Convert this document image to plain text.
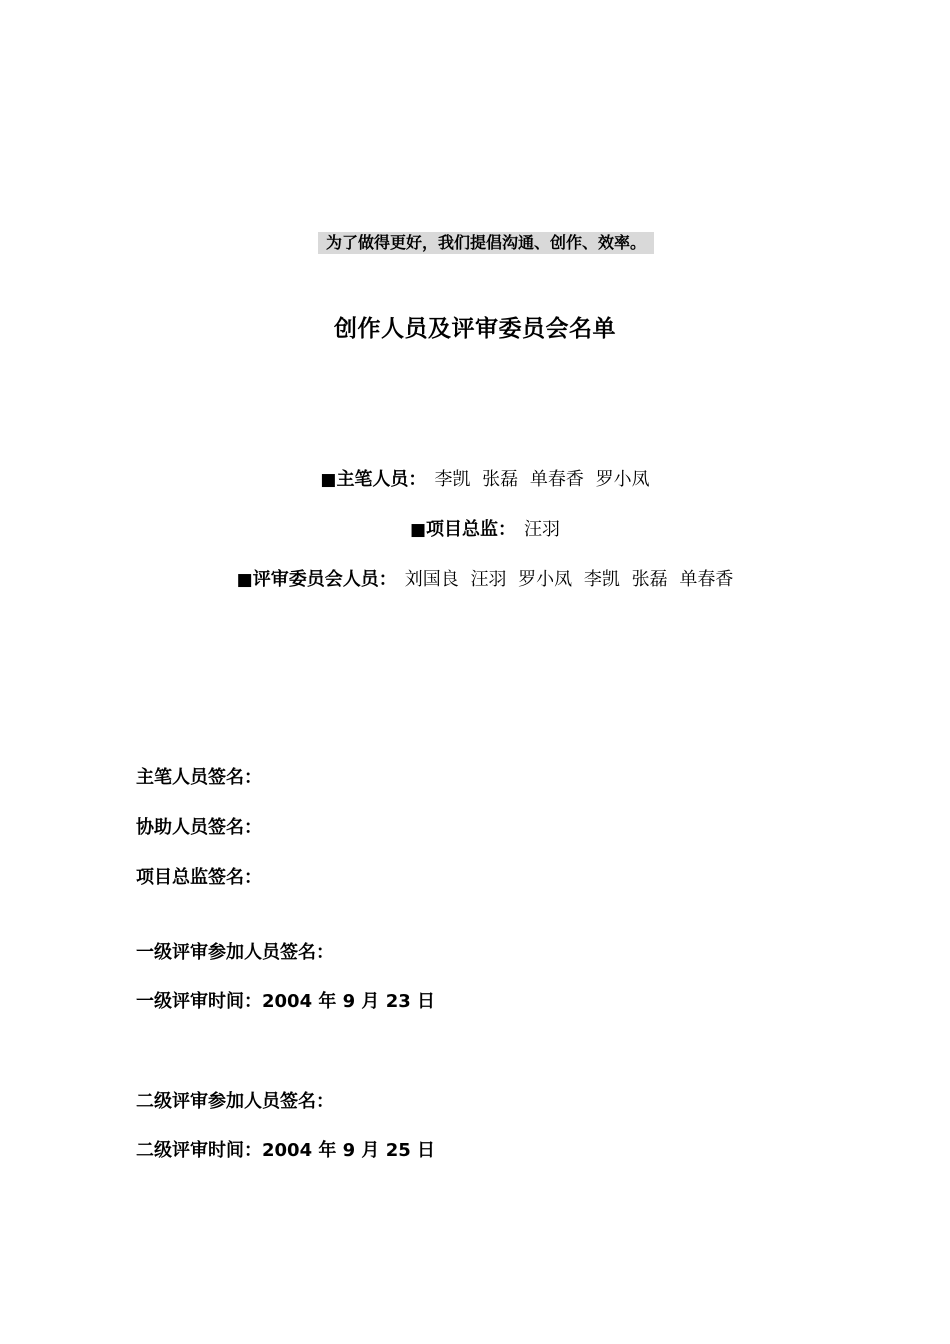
为了做得更好，我们提倡沟通、创作、效率。
创作人员及评审委员会名单
■主笔人员： 李凯 张磊 单春香 罗小凤
■项目总监： 汪羽
■评审委员会人员： 刘国良 汪羽 罗小凤 李凯 张磊 单春香
主笔人员签名：
协助人员签名：
项目总监签名：
一级评审参加人员签名：
一级评审时间：2004 年 9 月 23 日
二级评审参加人员签名：
二级评审时间：2004 年 9 月 25 日
